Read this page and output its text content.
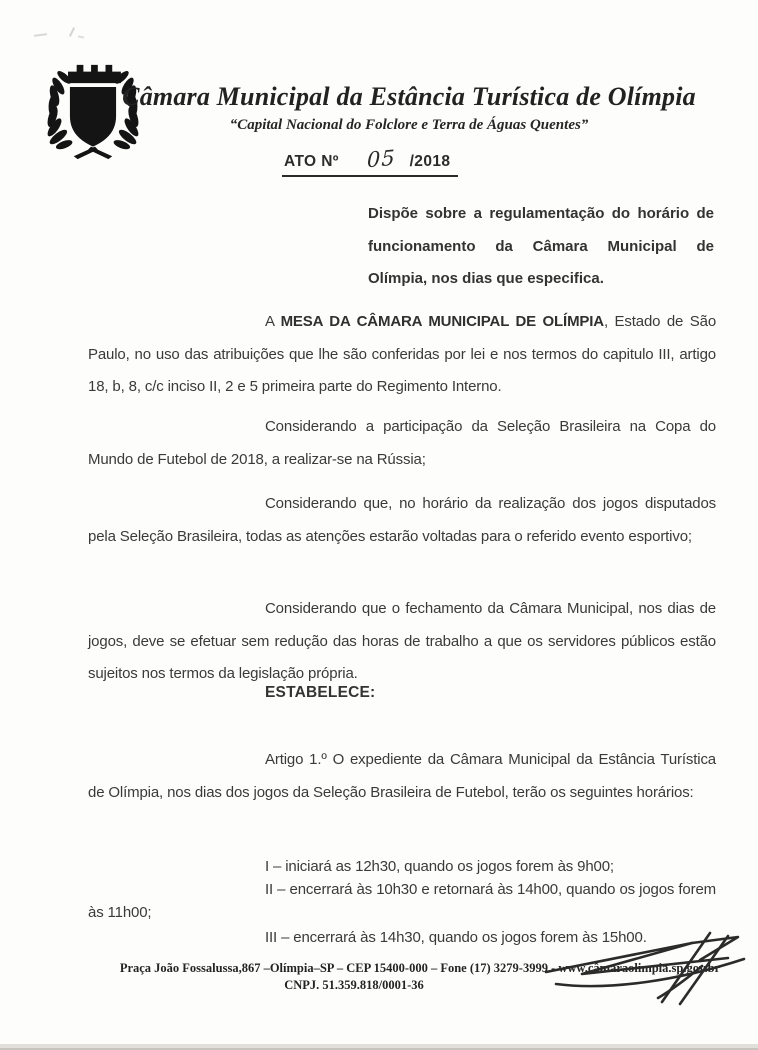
Câmara Municipal da Estância Turística de Olímpia
“Capital Nacional do Folclore e Terra de Águas Quentes”
ATO Nº 05 /2018
Dispõe sobre a regulamentação do horário de funcionamento da Câmara Municipal de Olímpia, nos dias que especifica.

A MESA DA CÂMARA MUNICIPAL DE OLÍMPIA, Estado de São Paulo, no uso das atribuições que lhe são conferidas por lei e nos termos do capitulo III, artigo 18, b, 8, c/c inciso II, 2 e 5 primeira parte do Regimento Interno.

Considerando a participação da Seleção Brasileira na Copa do Mundo de Futebol de 2018, a realizar-se na Rússia;

Considerando que, no horário da realização dos jogos disputados pela Seleção Brasileira, todas as atenções estarão voltadas para o referido evento esportivo;

Considerando que o fechamento da Câmara Municipal, nos dias de jogos, deve se efetuar sem redução das horas de trabalho a que os servidores públicos estão sujeitos nos termos da legislação própria.

ESTABELECE:

Artigo 1.º O expediente da Câmara Municipal da Estância Turística de Olímpia, nos dias dos jogos da Seleção Brasileira de Futebol, terão os seguintes horários:

I – iniciará as 12h30, quando os jogos forem às 9h00;

II – encerrará às 10h30 e retornará às 14h00, quando os jogos forem às 11h00;

III – encerrará às 14h30, quando os jogos forem às 15h00.

Praça João Fossalussa,867 –Olímpia–SP – CEP 15400-000 – Fone (17) 3279-3999 - www.câmaraolimpia.sp.gov.br
CNPJ. 51.359.818/0001-36
